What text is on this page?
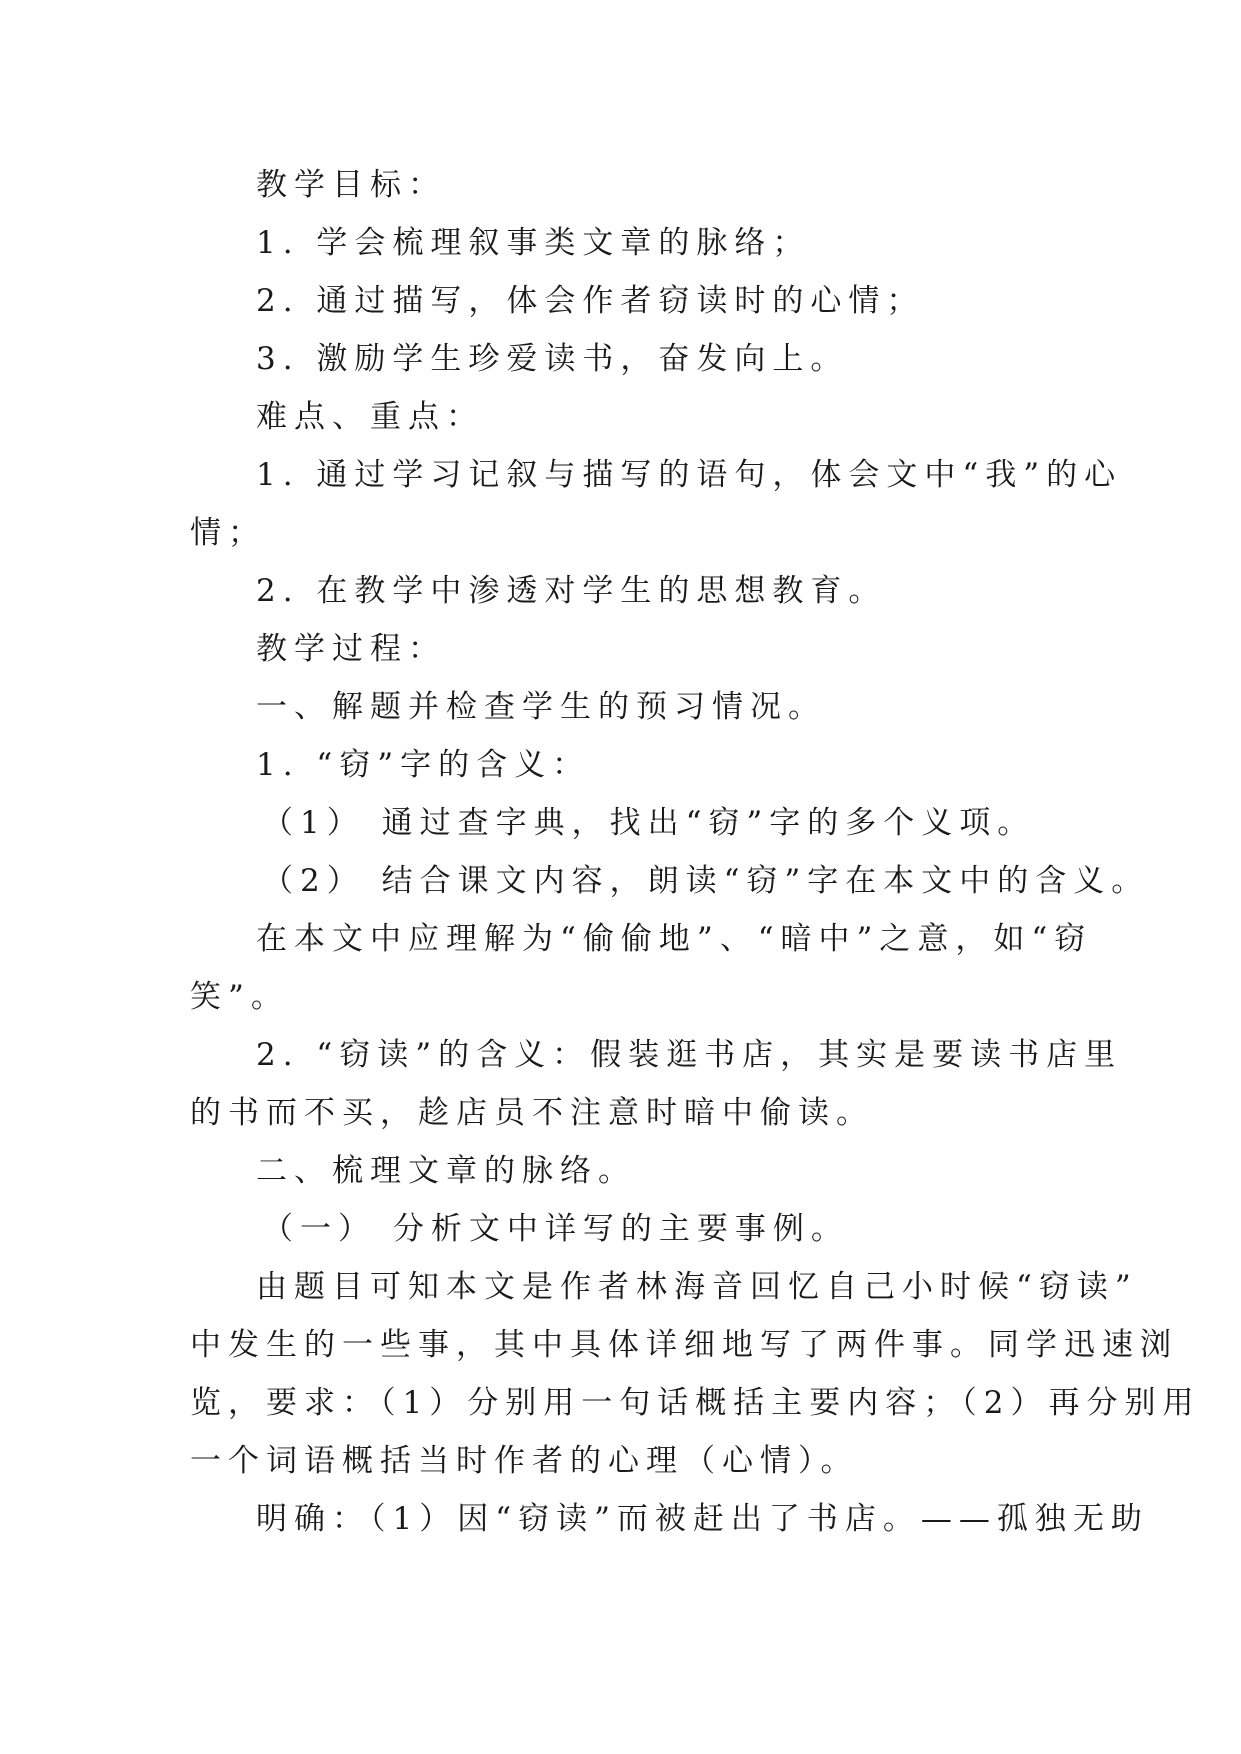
教学目标：
1. 学会梳理叙事类文章的脉络；
2. 通过描写，体会作者窃读时的心情；
3. 激励学生珍爱读书，奋发向上。
难点、重点：
1. 通过学习记叙与描写的语句，体会文中“我”的心
情；
2. 在教学中渗透对学生的思想教育。
教学过程：
一、解题并检查学生的预习情况。
1. “窃”字的含义：
（1） 通过查字典，找出“窃”字的多个义项。
（2） 结合课文内容，朗读“窃”字在本文中的含义。
在本文中应理解为“偷偷地”、“暗中”之意，如“窃
笑”。
2. “窃读”的含义：假装逛书店，其实是要读书店里
的书而不买，趁店员不注意时暗中偷读。
二、梳理文章的脉络。
（一） 分析文中详写的主要事例。
由题目可知本文是作者林海音回忆自己小时候“窃读”
中发生的一些事，其中具体详细地写了两件事。同学迅速浏
览，要求：（1）分别用一句话概括主要内容；（2）再分别用
一个词语概括当时作者的心理（心情）。
明确：（1）因“窃读”而被赶出了书店。——孤独无助
